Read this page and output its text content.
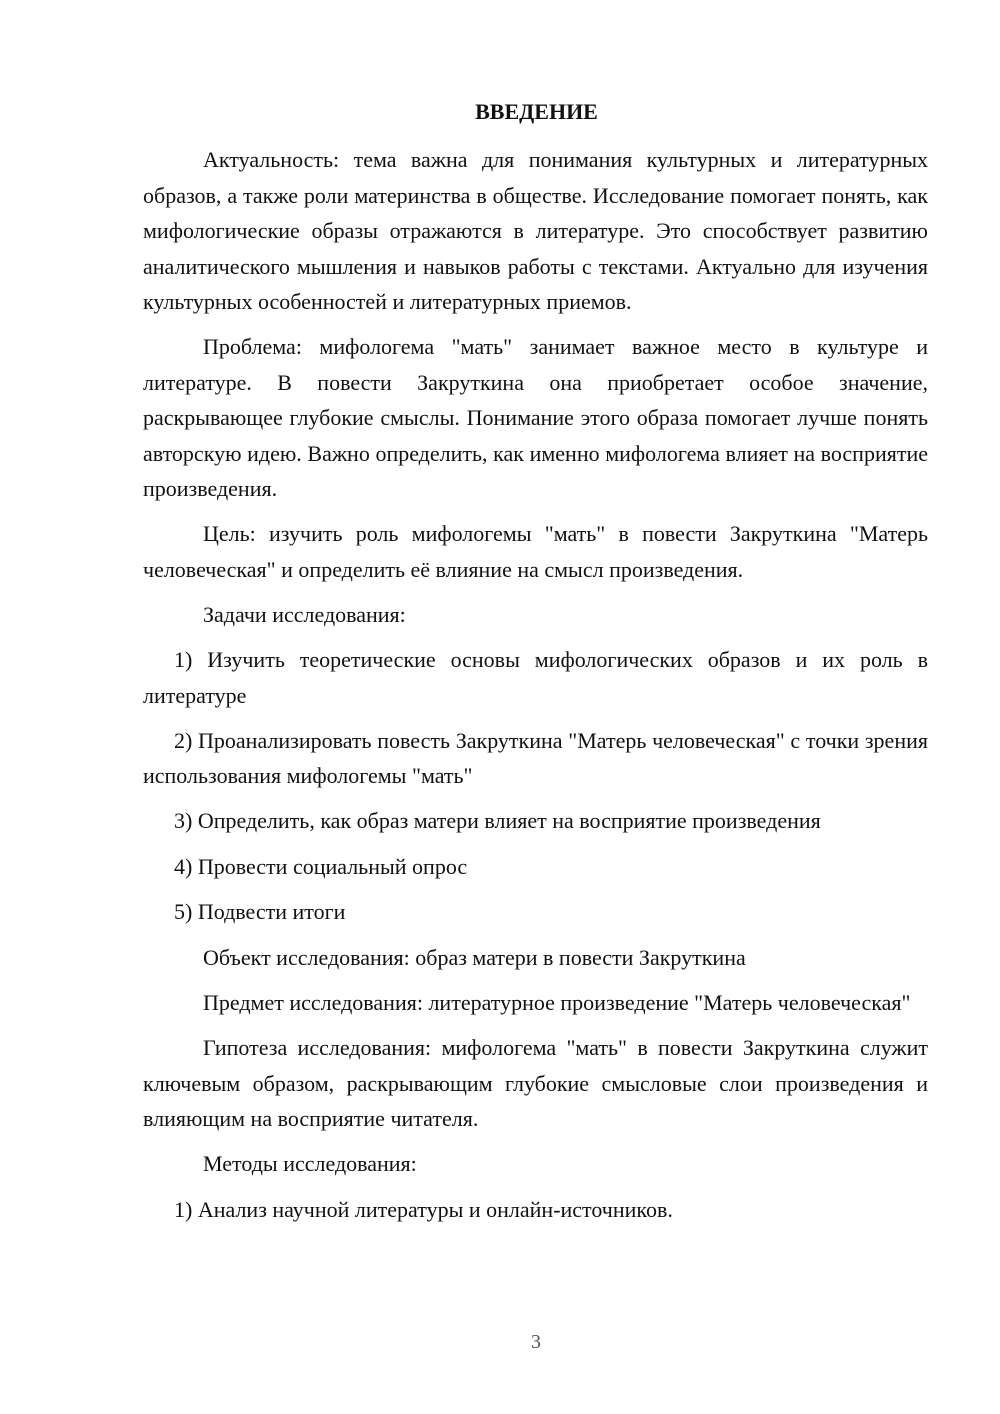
ВВЕДЕНИЕ
Актуальность: тема важна для понимания культурных и литературных образов, а также роли материнства в обществе. Исследование помогает понять, как мифологические образы отражаются в литературе. Это способствует развитию аналитического мышления и навыков работы с текстами. Актуально для изучения культурных особенностей и литературных приемов.
Проблема: мифологема "мать" занимает важное место в культуре и литературе. В повести Закруткина она приобретает особое значение, раскрывающее глубокие смыслы. Понимание этого образа помогает лучше понять авторскую идею. Важно определить, как именно мифологема влияет на восприятие произведения.
Цель: изучить роль мифологемы "мать" в повести Закруткина "Матерь человеческая" и определить её влияние на смысл произведения.
Задачи исследования:
1) Изучить теоретические основы мифологических образов и их роль в литературе
2) Проанализировать повесть Закруткина "Матерь человеческая" с точки зрения использования мифологемы "мать"
3) Определить, как образ матери влияет на восприятие произведения
4) Провести социальный опрос
5) Подвести итоги
Объект исследования: образ матери в повести Закруткина
Предмет исследования: литературное произведение "Матерь человеческая"
Гипотеза исследования: мифологема "мать" в повести Закруткина служит ключевым образом, раскрывающим глубокие смысловые слои произведения и влияющим на восприятие читателя.
Методы исследования:
1) Анализ научной литературы и онлайн-источников.
3
